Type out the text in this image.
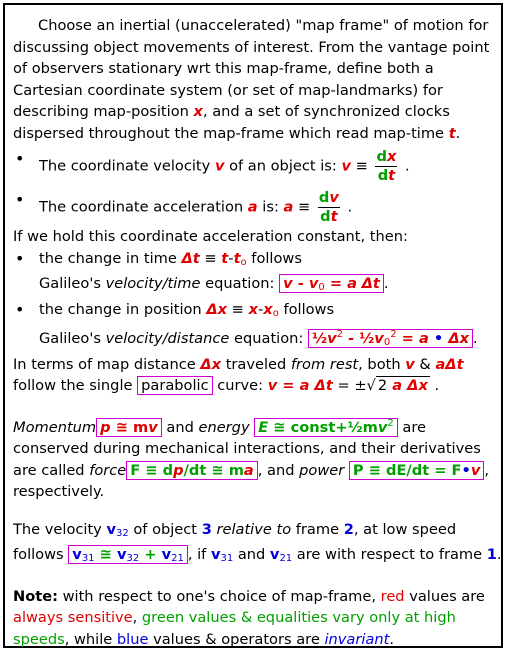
Choose an inertial (unaccelerated) "map frame" of motion for discussing object movements of interest. From the vantage point of observers stationary wrt this map-frame, define both a Cartesian coordinate system (or set of map-landmarks) for describing map-position x, and a set of synchronized clocks dispersed throughout the map-frame which read map-time t.

• The coordinate velocity v of an object is: $v \equiv \frac{dx}{dt}$ .
• The coordinate acceleration a is: $a \equiv \frac{dv}{dt}$ .

If we hold this coordinate acceleration constant, then:

• the change in time $\Delta t \equiv t-t_o$ follows
Galileo's velocity/time equation: $v - v_0 = a$ Δt .
• the change in position $\Delta x \equiv x-x_o$ follows
Galileo's velocity/distance equation: $\frac{1}{2}v^2$ - $\frac{1}{2}v_0^2 = a$ • Δx .

In terms of map distance Δx traveled from rest, both v & aΔt
follow the single parabolic curve: v = a Δt = ±√ 2 a Δx .

Momentum p ≅ mv and energy E ≅ $const+\frac{1}{2}mv^2$ are conserved during mechanical interactions, and their derivatives are called force F ≡ dp/dt ≅ ma , and power P ≡ dE/dt = F•v , respectively.

The velocity $v_{32}$ of object 3 relative to frame 2, at low speed follows $v_{31}$ ≅ $v_{32} + v_{21}$ , if $v_{31}$ and $v_{21}$ are with respect to frame 1.

Note: with respect to one's choice of map-frame, red values are always sensitive, green values & equalities vary only at high speeds, while blue values & operators are invariant.
